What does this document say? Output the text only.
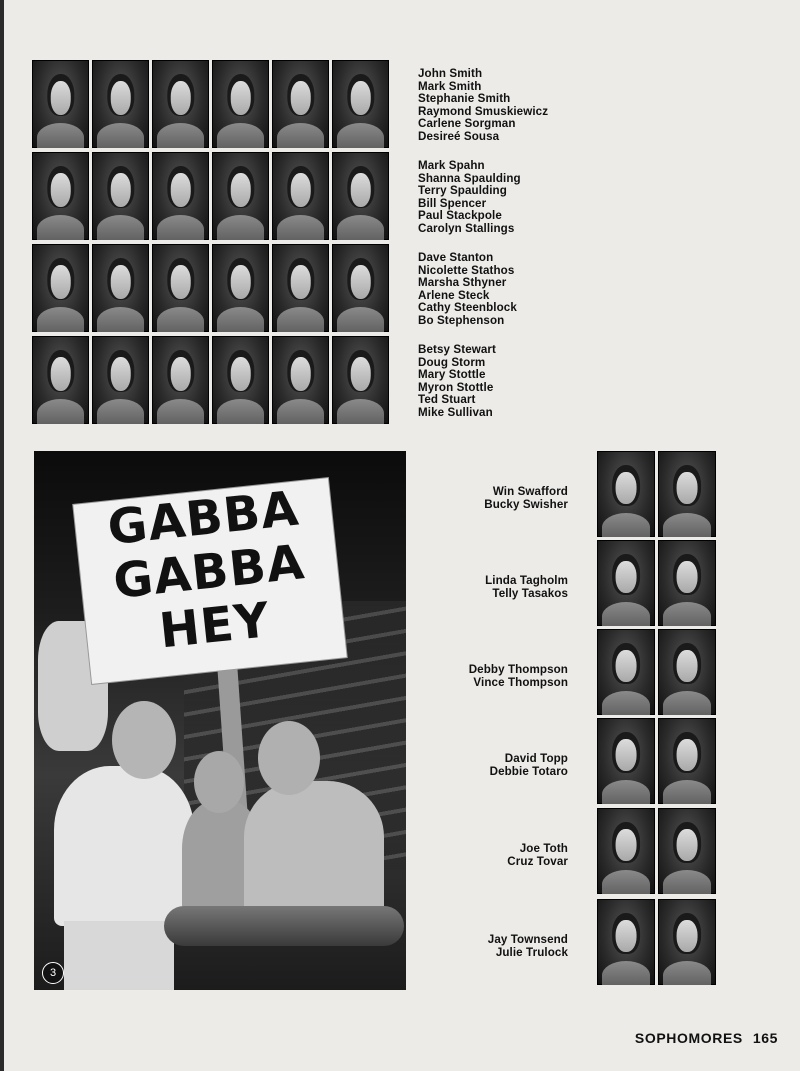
John Smith
Mark Smith
Stephanie Smith
Raymond Smuskiewicz
Carlene Sorgman
Desireé Sousa
Mark Spahn
Shanna Spaulding
Terry Spaulding
Bill Spencer
Paul Stackpole
Carolyn Stallings
Dave Stanton
Nicolette Stathos
Marsha Sthyner
Arlene Steck
Cathy Steenblock
Bo Stephenson
Betsy Stewart
Doug Storm
Mary Stottle
Myron Stottle
Ted Stuart
Mike Sullivan
GABBA
GABBA
HEY
3
Win Swafford
Bucky Swisher
Linda Tagholm
Telly Tasakos
Debby Thompson
Vince Thompson
David Topp
Debbie Totaro
Joe Toth
Cruz Tovar
Jay Townsend
Julie Trulock
SOPHOMORES 165
